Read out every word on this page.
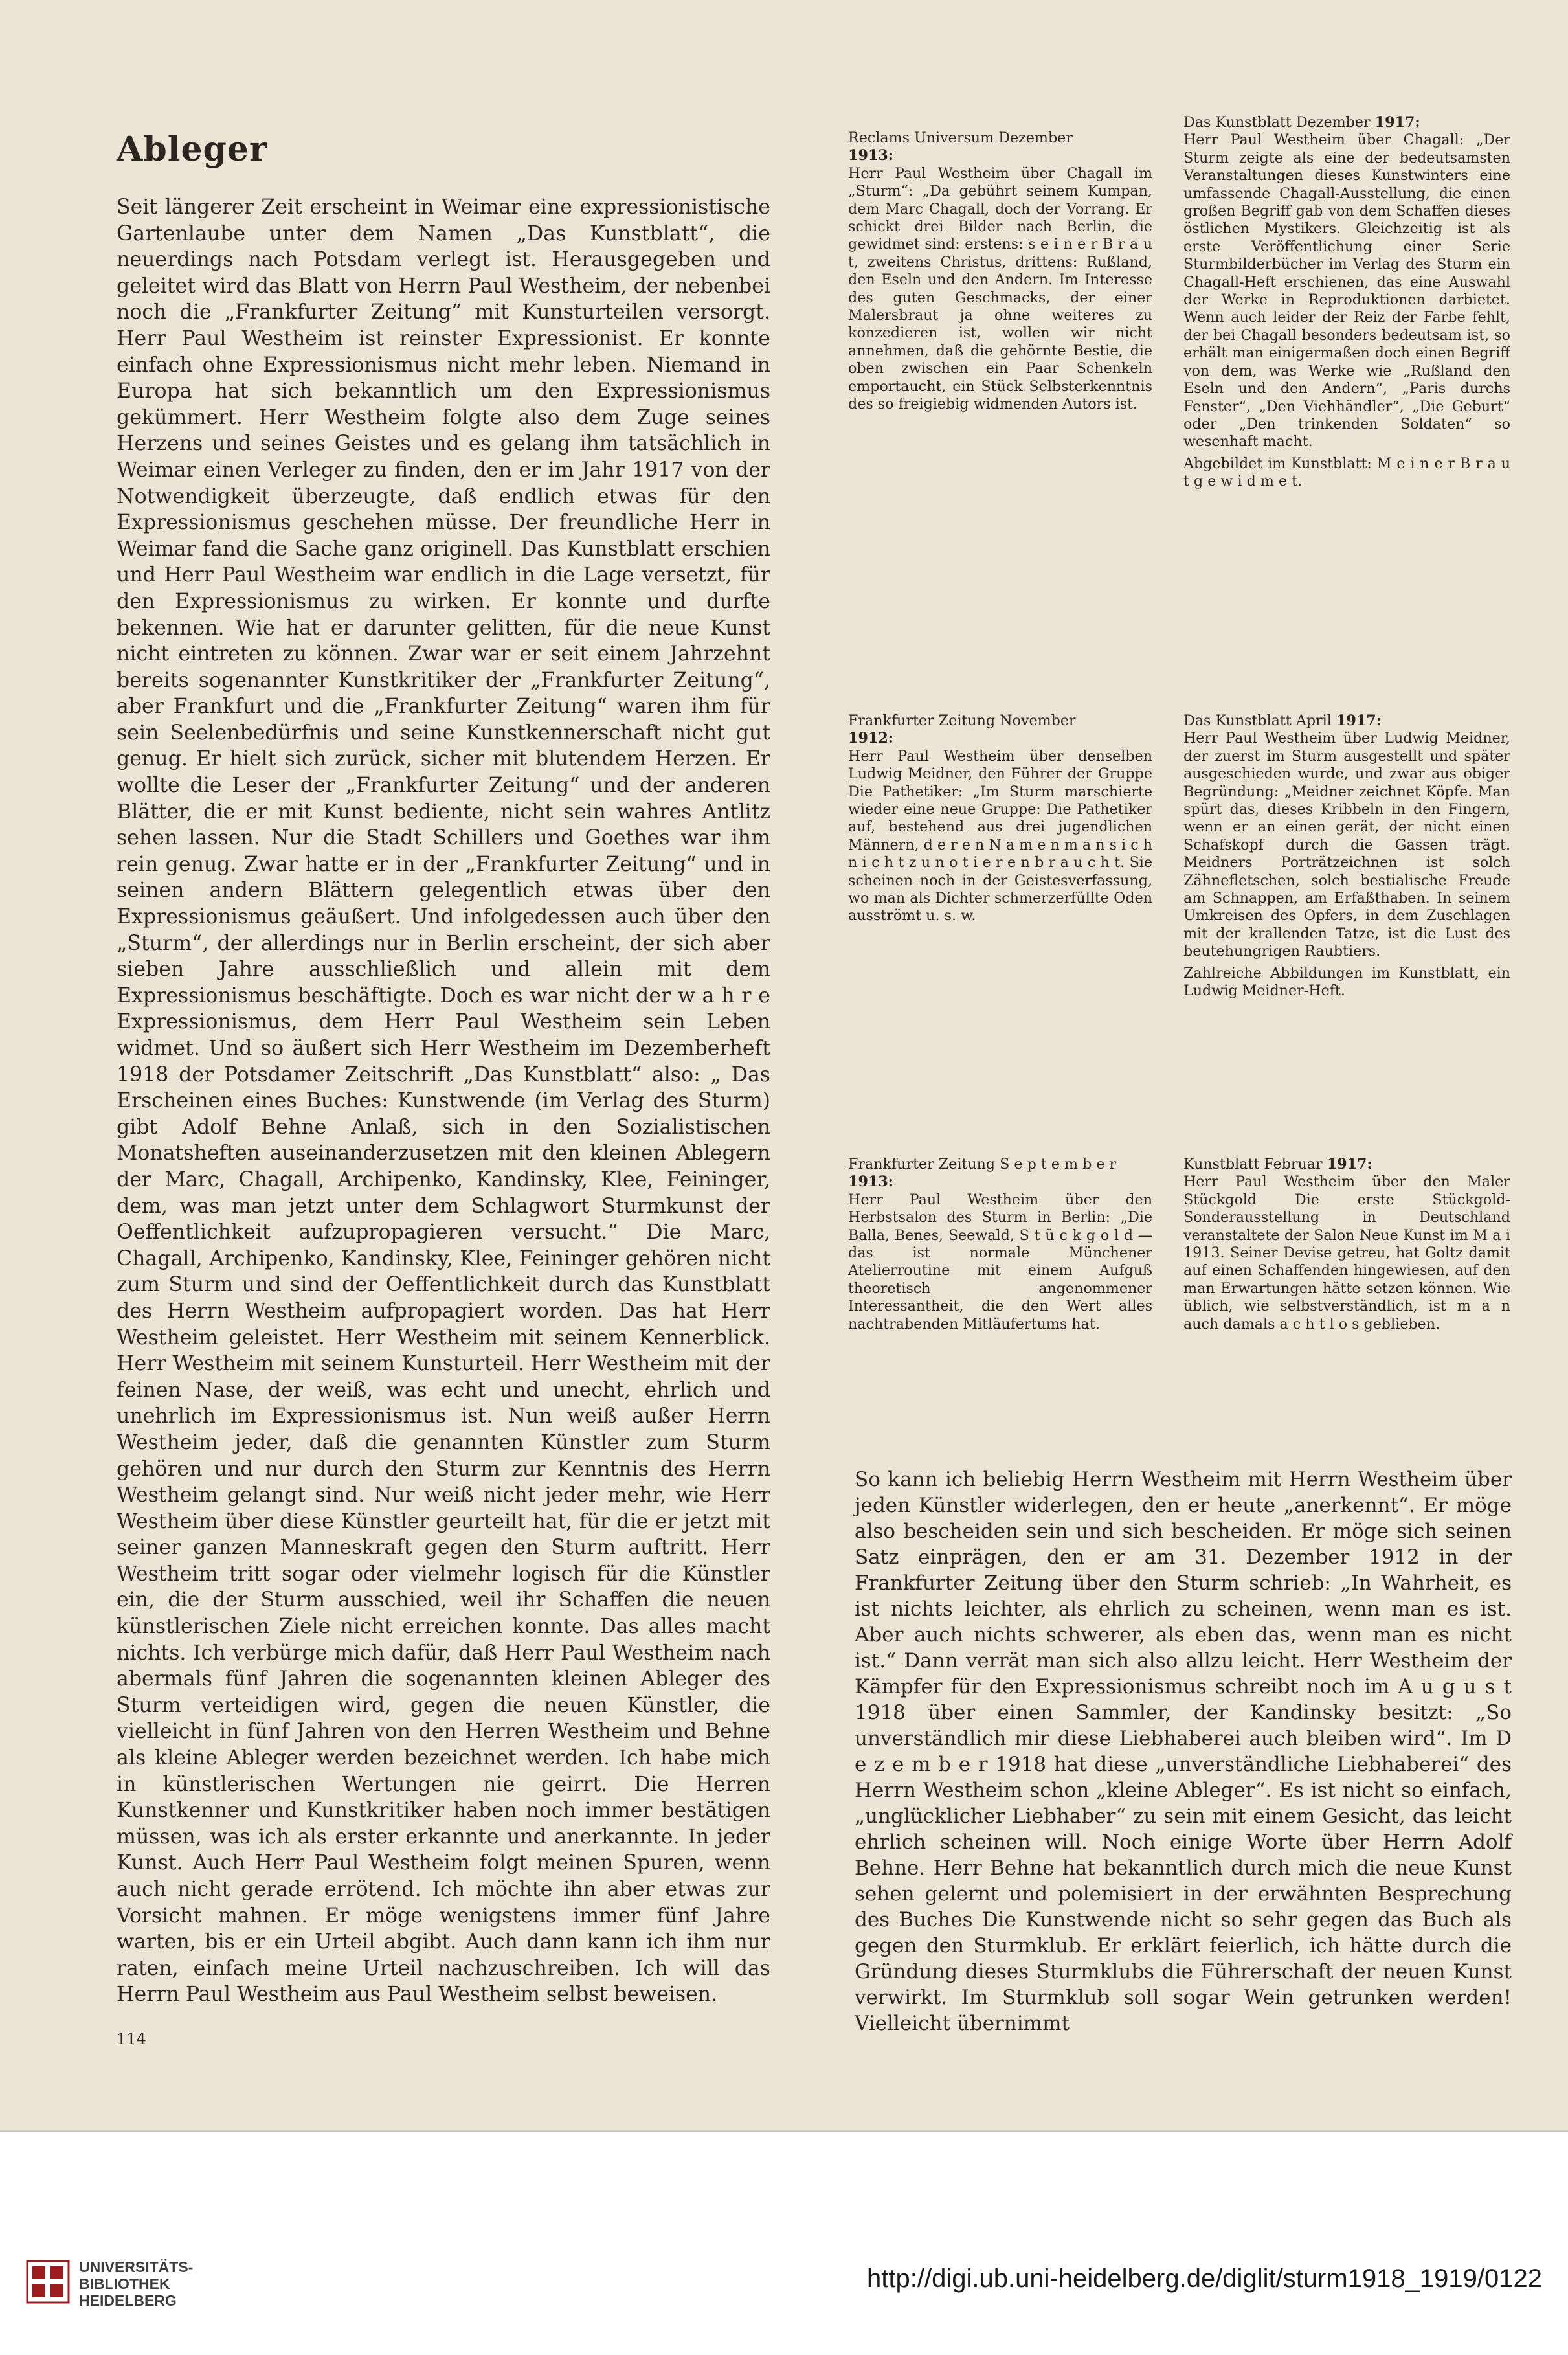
Ableger

Seit längerer Zeit erscheint in Weimar eine expressionistische Gartenlaube unter dem Namen „Das Kunstblatt“, die neuerdings nach Potsdam verlegt ist. Herausgegeben und geleitet wird das Blatt von Herrn Paul Westheim, der nebenbei noch die „Frankfurter Zeitung“ mit Kunsturteilen versorgt. Herr Paul Westheim ist reinster Expressionist. Er konnte einfach ohne Expressionismus nicht mehr leben. Niemand in Europa hat sich bekanntlich um den Expressionismus gekümmert. Herr Westheim folgte also dem Zuge seines Herzens und seines Geistes und es gelang ihm tatsächlich in Weimar einen Verleger zu finden, den er im Jahr 1917 von der Notwendigkeit überzeugte, daß endlich etwas für den Expressionismus geschehen müsse. Der freundliche Herr in Weimar fand die Sache ganz originell. Das Kunstblatt erschien und Herr Paul Westheim war endlich in die Lage versetzt, für den Expressionismus zu wirken. Er konnte und durfte bekennen. Wie hat er darunter gelitten, für die neue Kunst nicht eintreten zu können. Zwar war er seit einem Jahrzehnt bereits sogenannter Kunstkritiker der „Frankfurter Zeitung“, aber Frankfurt und die „Frankfurter Zeitung“ waren ihm für sein Seelenbedürfnis und seine Kunstkennerschaft nicht gut genug. Er hielt sich zurück, sicher mit blutendem Herzen. Er wollte die Leser der „Frankfurter Zeitung“ und der anderen Blätter, die er mit Kunst bediente, nicht sein wahres Antlitz sehen lassen. Nur die Stadt Schillers und Goethes war ihm rein genug. Zwar hatte er in der „Frankfurter Zeitung“ und in seinen andern Blättern gelegentlich etwas über den Expressionismus geäußert. Und infolgedessen auch über den „Sturm“, der allerdings nur in Berlin erscheint, der sich aber sieben Jahre ausschließlich und allein mit dem Expressionismus beschäftigte. Doch es war nicht der w a h r e Expressionismus, dem Herr Paul Westheim sein Leben widmet. Und so äußert sich Herr Westheim im Dezemberheft 1918 der Potsdamer Zeitschrift „Das Kunstblatt“ also: „ Das Erscheinen eines Buches: Kunstwende (im Verlag des Sturm) gibt Adolf Behne Anlaß, sich in den Sozialistischen Monatsheften auseinanderzusetzen mit den kleinen Ablegern der Marc, Chagall, Archipenko, Kandinsky, Klee, Feininger, dem, was man jetzt unter dem Schlagwort Sturmkunst der Oeffentlichkeit aufzupropagieren versucht.“ Die Marc, Chagall, Archipenko, Kandinsky, Klee, Feininger gehören nicht zum Sturm und sind der Oeffentlichkeit durch das Kunstblatt des Herrn Westheim aufpropagiert worden. Das hat Herr Westheim geleistet. Herr Westheim mit seinem Kennerblick. Herr Westheim mit seinem Kunsturteil. Herr Westheim mit der feinen Nase, der weiß, was echt und unecht, ehrlich und unehrlich im Expressionismus ist. Nun weiß außer Herrn Westheim jeder, daß die genannten Künstler zum Sturm gehören und nur durch den Sturm zur Kenntnis des Herrn Westheim gelangt sind. Nur weiß nicht jeder mehr, wie Herr Westheim über diese Künstler geurteilt hat, für die er jetzt mit seiner ganzen Manneskraft gegen den Sturm auftritt. Herr Westheim tritt sogar oder vielmehr logisch für die Künstler ein, die der Sturm ausschied, weil ihr Schaffen die neuen künstlerischen Ziele nicht erreichen konnte. Das alles macht nichts. Ich verbürge mich dafür, daß Herr Paul Westheim nach abermals fünf Jahren die sogenannten kleinen Ableger des Sturm verteidigen wird, gegen die neuen Künstler, die vielleicht in fünf Jahren von den Herren Westheim und Behne als kleine Ableger werden bezeichnet werden. Ich habe mich in künstlerischen Wertungen nie geirrt. Die Herren Kunstkenner und Kunstkritiker haben noch immer bestätigen müssen, was ich als erster erkannte und anerkannte. In jeder Kunst. Auch Herr Paul Westheim folgt meinen Spuren, wenn auch nicht gerade errötend. Ich möchte ihn aber etwas zur Vorsicht mahnen. Er möge wenigstens immer fünf Jahre warten, bis er ein Urteil abgibt. Auch dann kann ich ihm nur raten, einfach meine Urteil nachzuschreiben. Ich will das Herrn Paul Westheim aus Paul Westheim selbst beweisen.

Reclams Universum Dezember
1913:

Herr Paul Westheim über Chagall im „Sturm“: „Da gebührt seinem Kumpan, dem Marc Chagall, doch der Vorrang. Er schickt drei Bilder nach Berlin, die gewidmet sind: erstens: s e i n e r B r a u t, zweitens Christus, drittens: Rußland, den Eseln und den Andern. Im Interesse des guten Geschmacks, der einer Malersbraut ja ohne weiteres zu konzedieren ist, wollen wir nicht annehmen, daß die gehörnte Bestie, die oben zwischen ein Paar Schenkeln emportaucht, ein Stück Selbsterkenntnis des so freigiebig widmenden Autors ist.

Frankfurter Zeitung November
1912:

Herr Paul Westheim über denselben Ludwig Meidner, den Führer der Gruppe Die Pathetiker: „Im Sturm marschierte wieder eine neue Gruppe: Die Pathetiker auf, bestehend aus drei jugendlichen Männern, d e r e n N a m e n m a n s i c h n i c h t z u n o t i e r e n b r a u c h t. Sie scheinen noch in der Geistesverfassung, wo man als Dichter schmerzerfüllte Oden ausströmt u. s. w.

Frankfurter Zeitung S e p t e m b e r
1913:

Herr Paul Westheim über den Herbstsalon des Sturm in Berlin: „Die Balla, Benes, Seewald, S t ü c k g o l d — das ist normale Münchener Atelierroutine mit einem Aufguß theoretisch angenommener Interessantheit, die den Wert alles nachtrabenden Mitläufertums hat.

Das Kunstblatt Dezember 1917:

Herr Paul Westheim über Chagall: „Der Sturm zeigte als eine der bedeutsamsten Veranstaltungen dieses Kunstwinters eine umfassende Chagall-Ausstellung, die einen großen Begriff gab von dem Schaffen dieses östlichen Mystikers. Gleichzeitig ist als erste Veröffentlichung einer Serie Sturmbilderbücher im Verlag des Sturm ein Chagall-Heft erschienen, das eine Auswahl der Werke in Reproduktionen darbietet. Wenn auch leider der Reiz der Farbe fehlt, der bei Chagall besonders bedeutsam ist, so erhält man einigermaßen doch einen Begriff von dem, was Werke wie „Rußland den Eseln und den Andern“, „Paris durchs Fenster“, „Den Viehhändler“, „Die Geburt“ oder „Den trinkenden Soldaten“ so wesenhaft macht.

Abgebildet im Kunstblatt: M e i n e r B r a u t g e w i d m e t.

Das Kunstblatt April 1917:

Herr Paul Westheim über Ludwig Meidner, der zuerst im Sturm ausgestellt und später ausgeschieden wurde, und zwar aus obiger Begründung: „Meidner zeichnet Köpfe. Man spürt das, dieses Kribbeln in den Fingern, wenn er an einen gerät, der nicht einen Schafskopf durch die Gassen trägt. Meidners Porträtzeichnen ist solch Zähnefletschen, solch bestialische Freude am Schnappen, am Erfaßthaben. In seinem Umkreisen des Opfers, in dem Zuschlagen mit der krallenden Tatze, ist die Lust des beutehungrigen Raubtiers.

Zahlreiche Abbildungen im Kunstblatt, ein Ludwig Meidner-Heft.

Kunstblatt Februar 1917:

Herr Paul Westheim über den Maler Stückgold Die erste Stückgold-Sonderausstellung in Deutschland veranstaltete der Salon Neue Kunst im M a i 1913. Seiner Devise getreu, hat Goltz damit auf einen Schaffenden hingewiesen, auf den man Erwartungen hätte setzen können. Wie üblich, wie selbstverständlich, ist m a n auch damals a c h t l o s geblieben.

So kann ich beliebig Herrn Westheim mit Herrn Westheim über jeden Künstler widerlegen, den er heute „anerkennt“. Er möge also bescheiden sein und sich bescheiden. Er möge sich seinen Satz einprägen, den er am 31. Dezember 1912 in der Frankfurter Zeitung über den Sturm schrieb: „In Wahrheit, es ist nichts leichter, als ehrlich zu scheinen, wenn man es ist. Aber auch nichts schwerer, als eben das, wenn man es nicht ist.“ Dann verrät man sich also allzu leicht. Herr Westheim der Kämpfer für den Expressionismus schreibt noch im A u g u s t 1918 über einen Sammler, der Kandinsky besitzt: „So unverständlich mir diese Liebhaberei auch bleiben wird“. Im D e z e m b e r 1918 hat diese „unverständliche Liebhaberei“ des Herrn Westheim schon „kleine Ableger“. Es ist nicht so einfach, „unglücklicher Liebhaber“ zu sein mit einem Gesicht, das leicht ehrlich scheinen will. Noch einige Worte über Herrn Adolf Behne. Herr Behne hat bekanntlich durch mich die neue Kunst sehen gelernt und polemisiert in der erwähnten Besprechung des Buches Die Kunstwende nicht so sehr gegen das Buch als gegen den Sturmklub. Er erklärt feierlich, ich hätte durch die Gründung dieses Sturmklubs die Führerschaft der neuen Kunst verwirkt. Im Sturmklub soll sogar Wein getrunken werden! Vielleicht übernimmt

114
UNIVERSITÄTS-
BIBLIOTHEK
HEIDELBERG
http://digi.ub.uni-heidelberg.de/diglit/sturm1918_1919/0122
